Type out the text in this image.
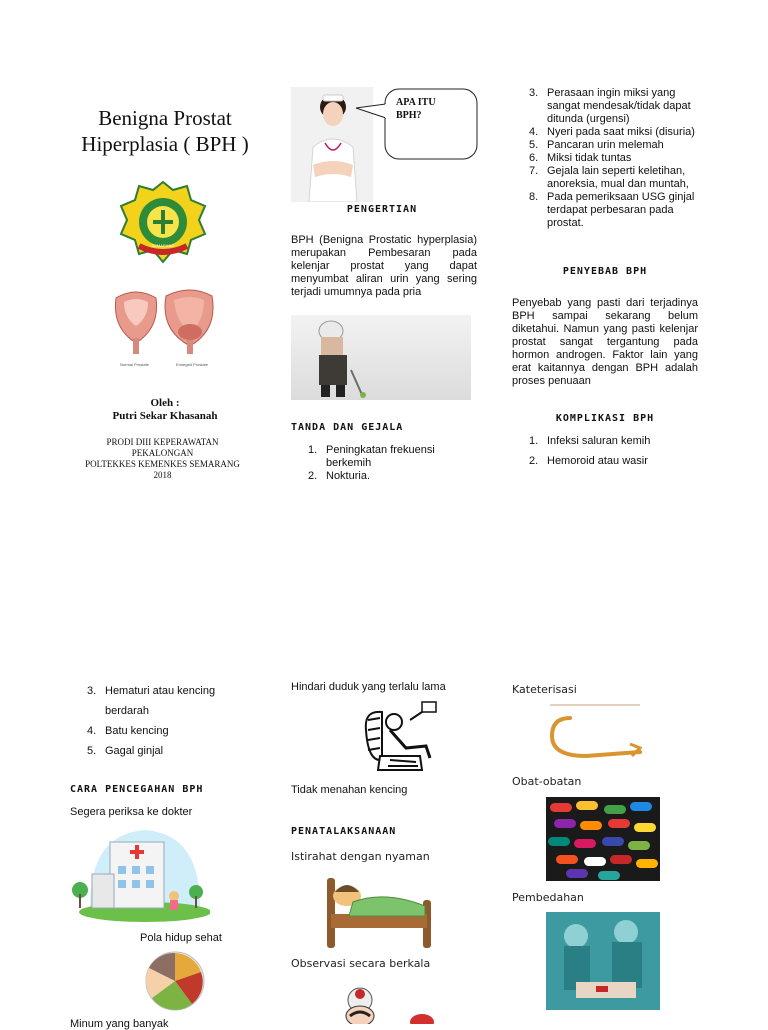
Benigna Prostat
Hiperplasia ( BPH )
SEMARANG
Normal Prostate	Enlarged Prostate
Oleh :
Putri Sekar Khasanah
PRODI DIII KEPERAWATAN
PEKALONGAN
POLTEKKES KEMENKES SEMARANG
2018
APA ITU BPH?
PENGERTIAN
BPH (Benigna Prostatic hyperplasia) merupakan Pembesaran pada kelenjar prostat yang dapat menyumbat aliran urin yang sering terjadi umumnya pada pria
TANDA DAN GEJALA
1. Peningkatan frekuensi berkemih
2. Nokturia.
3. Perasaan ingin miksi yang sangat mendesak/tidak dapat ditunda (urgensi)
4. Nyeri pada saat miksi (disuria)
5. Pancaran urin melemah
6. Miksi tidak tuntas
7. Gejala lain seperti keletihan, anoreksia, mual dan muntah,
8. Pada pemeriksaan USG ginjal terdapat perbesaran pada prostat.
PENYEBAB BPH
Penyebab yang pasti dari terjadinya BPH sampai sekarang belum diketahui. Namun yang pasti kelenjar prostat sangat tergantung pada hormon androgen. Faktor lain yang erat kaitannya dengan BPH adalah proses penuaan
KOMPLIKASI BPH
1. Infeksi saluran kemih
2. Hemoroid atau wasir
3. Hematuri atau kencing berdarah
4. Batu kencing
5. Gagal ginjal
CARA PENCEGAHAN BPH
Segera periksa ke dokter
Pola hidup sehat
Minum yang banyak
Hindari duduk yang terlalu lama
Tidak menahan kencing
PENATALAKSANAAN
Istirahat dengan nyaman
Observasi secara berkala
Kateterisasi
Obat-obatan
Pembedahan
